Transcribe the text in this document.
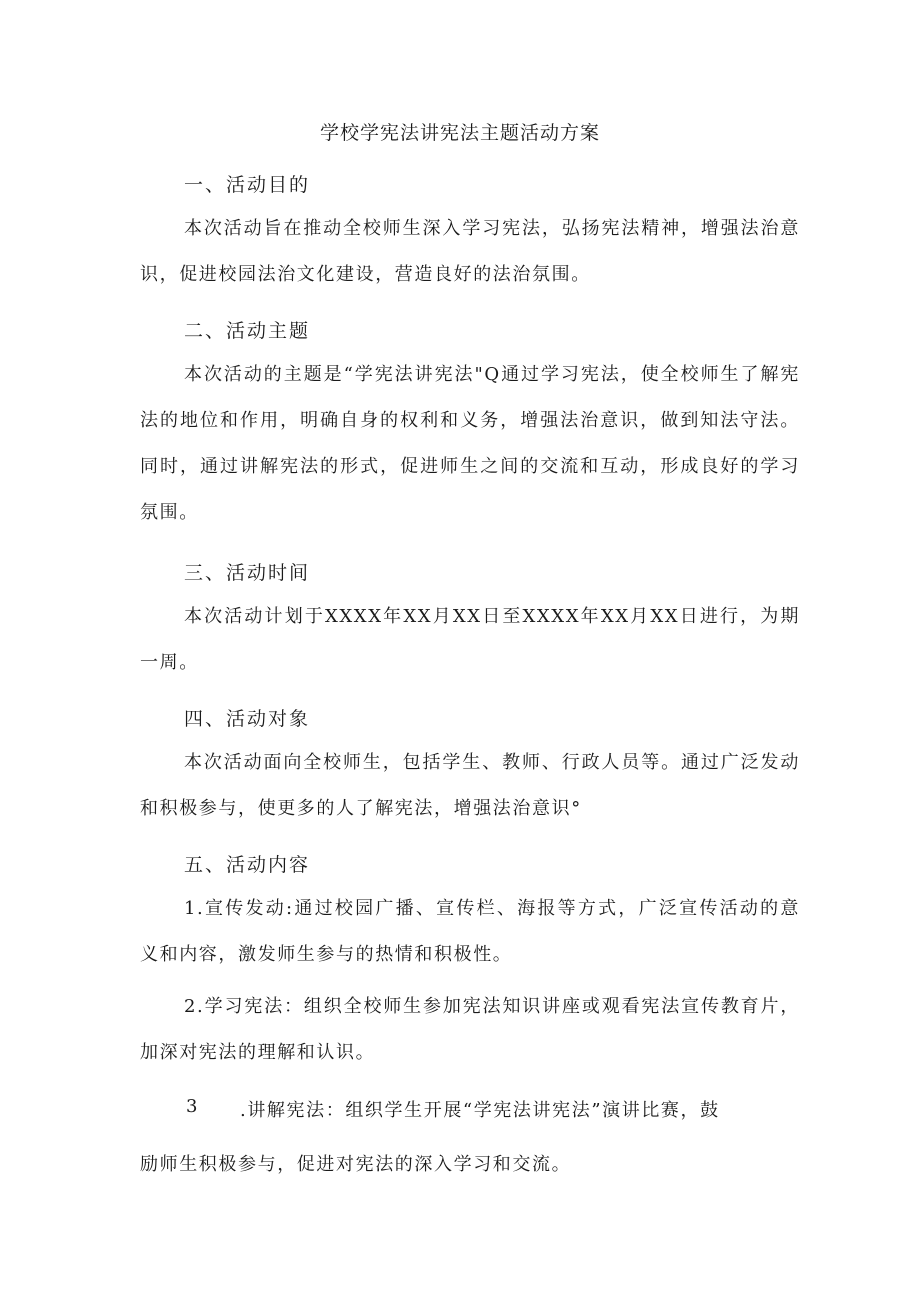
学校学宪法讲宪法主题活动方案
一、活动目的
本次活动旨在推动全校师生深入学习宪法，弘扬宪法精神，增强法治意识，促进校园法治文化建设，营造良好的法治氛围。
二、活动主题
本次活动的主题是“学宪法讲宪法"Q通过学习宪法，使全校师生了解宪法的地位和作用，明确自身的权利和义务，增强法治意识，做到知法守法。同时，通过讲解宪法的形式，促进师生之间的交流和互动，形成良好的学习氛围。
三、活动时间
本次活动计划于XXXX年XX月XX日至XXXX年XX月XX日进行，为期一周。
四、活动对象
本次活动面向全校师生，包括学生、教师、行政人员等。通过广泛发动和积极参与，使更多的人了解宪法，增强法治意识°
五、活动内容
1.宣传发动:通过校园广播、宣传栏、海报等方式，广泛宣传活动的意义和内容，激发师生参与的热情和积极性。
2.学习宪法：组织全校师生参加宪法知识讲座或观看宪法宣传教育片，加深对宪法的理解和认识。
3 .讲解宪法：组织学生开展“学宪法讲宪法”演讲比赛，鼓
励师生积极参与，促进对宪法的深入学习和交流。
